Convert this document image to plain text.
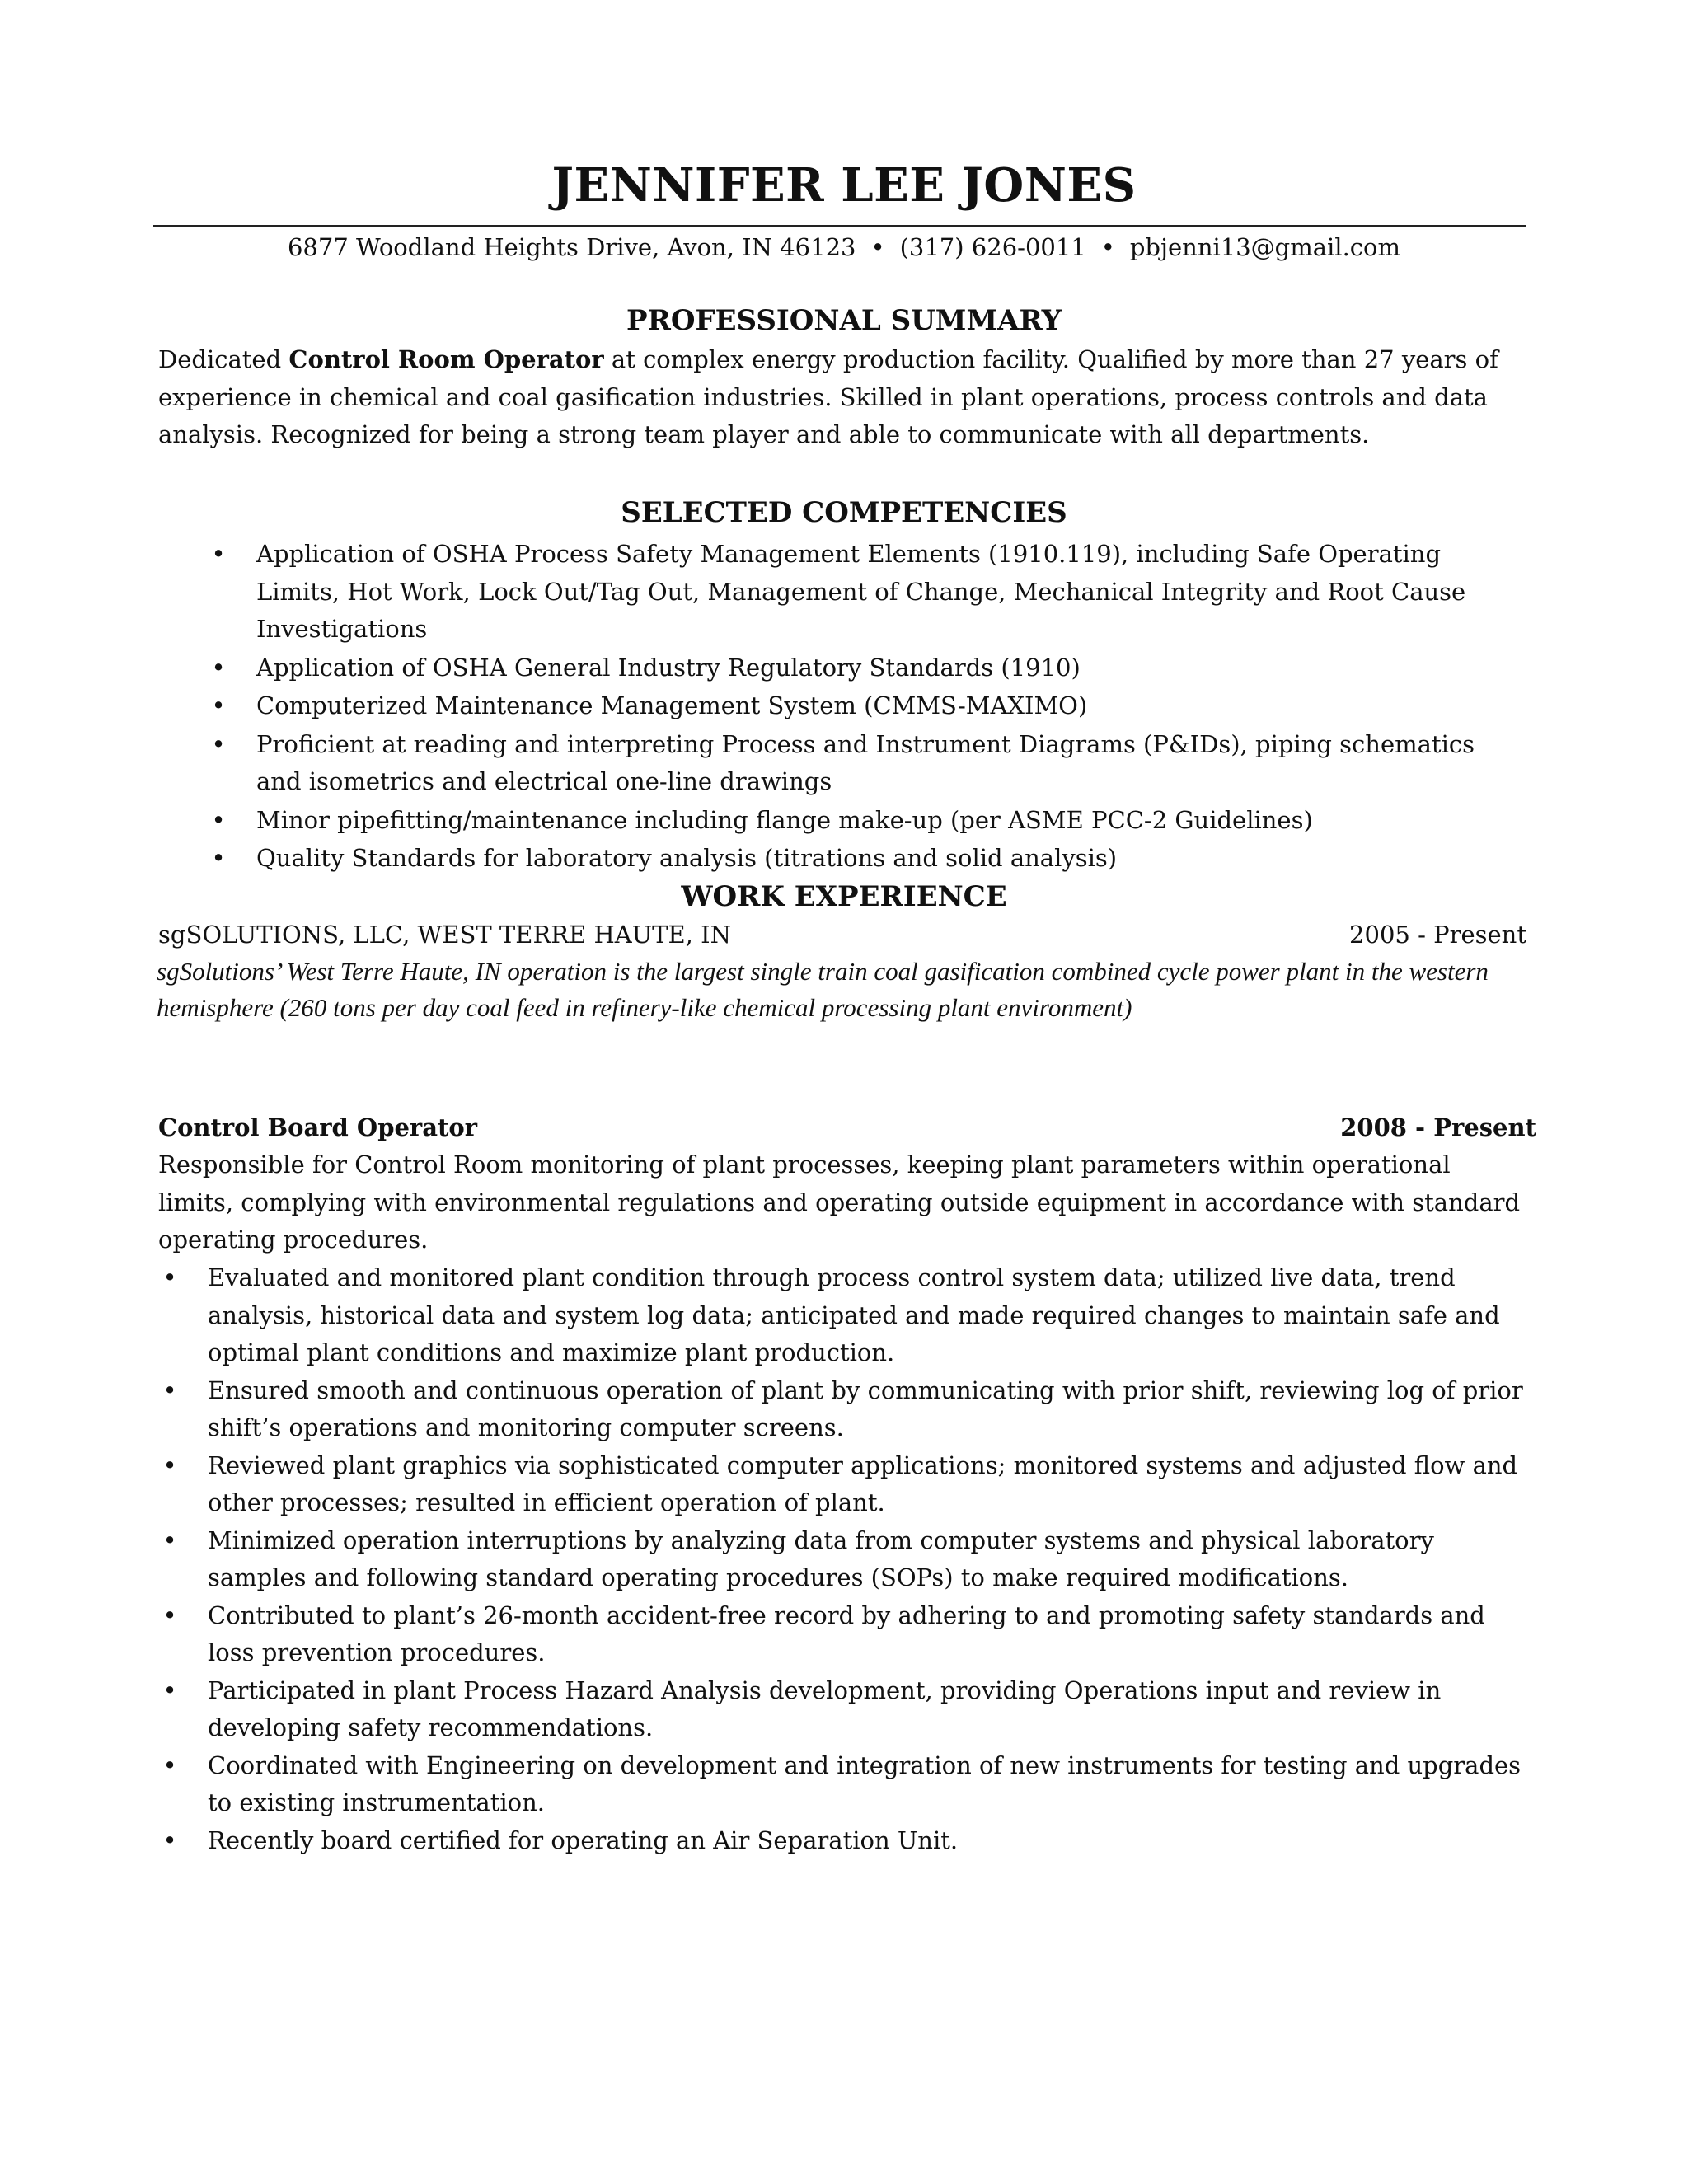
JENNIFER LEE JONES
6877 Woodland Heights Drive, Avon, IN 46123 • (317) 626-0011 • pbjenni13@gmail.com
PROFESSIONAL SUMMARY
Dedicated Control Room Operator at complex energy production facility. Qualified by more than 27 years of experience in chemical and coal gasification industries. Skilled in plant operations, process controls and data analysis. Recognized for being a strong team player and able to communicate with all departments.
SELECTED COMPETENCIES
• Application of OSHA Process Safety Management Elements (1910.119), including Safe Operating Limits, Hot Work, Lock Out/Tag Out, Management of Change, Mechanical Integrity and Root Cause Investigations
• Application of OSHA General Industry Regulatory Standards (1910)
• Computerized Maintenance Management System (CMMS-MAXIMO)
• Proficient at reading and interpreting Process and Instrument Diagrams (P&IDs), piping schematics and isometrics and electrical one-line drawings
• Minor pipefitting/maintenance including flange make-up (per ASME PCC-2 Guidelines)
• Quality Standards for laboratory analysis (titrations and solid analysis)
WORK EXPERIENCE
sgSOLUTIONS, LLC, WEST TERRE HAUTE, IN	2005 - Present
sgSolutions’ West Terre Haute, IN operation is the largest single train coal gasification combined cycle power plant in the western hemisphere (260 tons per day coal feed in refinery-like chemical processing plant environment)
Control Board Operator	2008 - Present
Responsible for Control Room monitoring of plant processes, keeping plant parameters within operational limits, complying with environmental regulations and operating outside equipment in accordance with standard operating procedures.
• Evaluated and monitored plant condition through process control system data; utilized live data, trend analysis, historical data and system log data; anticipated and made required changes to maintain safe and optimal plant conditions and maximize plant production.
• Ensured smooth and continuous operation of plant by communicating with prior shift, reviewing log of prior shift’s operations and monitoring computer screens.
• Reviewed plant graphics via sophisticated computer applications; monitored systems and adjusted flow and other processes; resulted in efficient operation of plant.
• Minimized operation interruptions by analyzing data from computer systems and physical laboratory samples and following standard operating procedures (SOPs) to make required modifications.
• Contributed to plant’s 26-month accident-free record by adhering to and promoting safety standards and loss prevention procedures.
• Participated in plant Process Hazard Analysis development, providing Operations input and review in developing safety recommendations.
• Coordinated with Engineering on development and integration of new instruments for testing and upgrades to existing instrumentation.
• Recently board certified for operating an Air Separation Unit.
